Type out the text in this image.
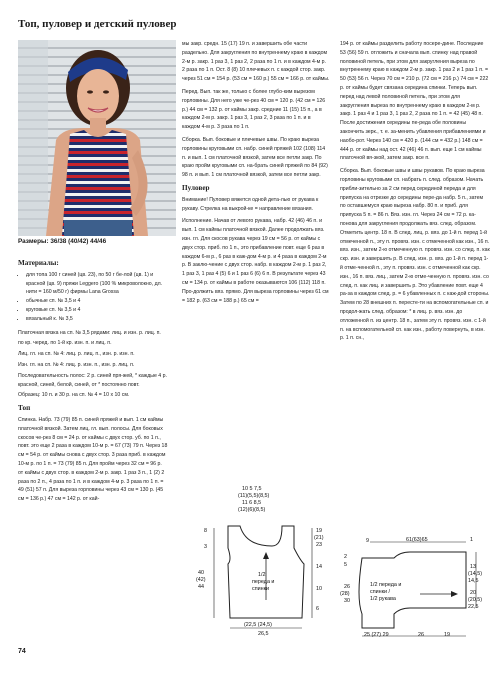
Топ, пуловер и детский пуловер
Размеры: 36/38 (40/42) 44/46

Материалы:

• для топа 100 г синей (цв. 23), по 50 г бе-лой (цв. 1) и красной (цв. 9) пряжи Leggero (100 % микроволокно, дл. нити = 160 м/50 г) фирмы Lana Grossa
• обычные сп. № 3,5 и 4
• круговые сп. № 3,5 и 4
• вязальный к. № 3,5

Платочная вязка на сп. № 3,5 рядами: лиц. и изн. р. лиц. п.

по кр. черед. по 1-й кр. изн. п. и лиц. п.

Лиц. гл. на сп. № 4: лиц. р. лиц. п., изн. р. изн. п.

Изн. гл. на сп. № 4: лиц. р. изн. п., изн. р. лиц. п.

Последовательность полос: 2 р. синей пря-жей, * каждые 4 р. красной, синей, белой, синей, от * постоянно повт.

Образец: 10 п. и 30 р. на сп. № 4 = 10 х 10 см.

Топ

Спинка. Набр. 73 (79) 85 п. синей пряжей и вып. 1 см каймы платочной вязкой. Затем лиц. гл. вып. полосы. Для боковых скосов че-рез 8 см = 24 р. от каймы с двух стор. уб. по 1 п., повт. это еще 2 раза в каждом 10-м р. = 67 (73) 79 п. Через 18 см = 54 р. от каймы снова с двух стор. 3 раза приб. в каждом 10-м р. по 1 п. = 73 (79) 85 п. Для пройм через 32 см = 96 р. от каймы с двух стор. в каждом 2-м р. закр. 1 раз 3 п., 1 (2) 2 раза по 2 п., 4 раза по 1 п. и в каждом 4-м р. 3 раза по 1 п. = 49 (51) 57 п. Для выреза горловины через 43 см = 130 р. (45 см = 136 р.) 47 см = 142 р. от кай-

мы закр. средн. 15 (17) 19 п. и завершить обе части раздельно. Для закругления по внутреннему краю в каждом 2-м р. закр. 1 раз 3, 1 раз 2, 2 раза по 1 п. и в каждом 4-м р. 2 раза по 1 п. Ост. 8 (8) 10 плечевых п. с каждой стор. закр. через 51 см = 154 р. (53 см = 160 р.) 55 см = 166 р. от каймы.

Перед. Вып. так же, только с более глубо-ким вырезом горловины. Для него уже че-рез 40 см = 120 р. (42 см = 126 р.) 44 см = 132 р. от каймы закр. средние 11 (15) 15 п., а в каждом 2-м р. закр. 1 раз 3, 1 раз 2, 3 раза по 1 п. и в каждом 4-м р. 3 раза по 1 п.

Сборка. Вып. боковые и плечевые швы. По краю выреза горловины круговыми сп. набр. синей пряжей 102 (108) 114 п. и вып. 1 см платочной вязкой, затем все петли закр. По краю пройм круговыми сп. на-брать синей пряжей по 84 (92) 98 п. и вып. 1 см платочной вязкой, затем все петли закр.

Пуловер

Внимание! Пуловер вяжется одной дета-лью от рукава к рукаву. Стрелка на выкрой-ке = направление вязания.

Исполнение. Начав от левого рукава, набр. 42 (46) 46 п. и вып. 1 см каймы платочной вязкой. Далее продолжать вяз. изн. гл. Для скосов рукава через 19 см = 56 р. от каймы с двух стор. приб. по 1 п., это прибавление повт. еще 6 раз в каждом 6-м р., 6 раз в каж-дом 4-м р. и 4 раза в каждом 2-м р. В заклю-чение с двух стор. набр. в каждом 2-м р. 1 раз 2, 1 раз 3, 1 раз 4 (5) 6 и 1 раз 6 (6) 6 п. В результате через 43 см = 134 р. от каймы в работе оказываются 106 (112) 118 п. Про-должить вяз. прямо. Для выреза горловины через 61 см = 182 р. (63 см = 188 р.) 65 см =

194 р. от каймы разделить работу посере-дине. Последние 53 (56) 59 п. отложить и сначала вып. спинку над правой половиной петель, при этом для закругления выреза по внутреннему краю в каждом 2-м р. закр. 1 раз 2 и 1 раз 1 п. = 50 (53) 56 п. Через 70 см = 210 р. (72 см = 216 р.) 74 см = 222 р. от каймы будет связана середина спинки. Теперь вып. перед над левой половиной петель, при этом для закругления выреза по внутреннему краю в каждом 2-м р. закр. 1 раз 4 и 1 раз 3, 1 раз 2, 2 раза по 1 п. = 42 (45) 48 п. После достижения середины пе-реда обе половины закончить зерк., т. е. за-менить убавления прибавлениями и наобо-рот. Через 140 см = 420 р. (144 см = 432 р.) 148 см = 444 р. от каймы над ост. 42 (46) 46 п. вып. еще 1 см каймы платочной вя-зкой, затем закр. все п.

Сборка. Вып. боковые швы и швы рукавов. По краю выреза горловины круговыми сп. набрать п. след. образом. Начать прибли-зительно за 2 см перед серединой переда и для припуска на отрезке до середины пере-да набр. 5 п., затем по оставшемуся краю выреза набр. 80 п. и приб. для припуска 5 п. = 86 п. Вяз. изн. гл. Через 24 см = 72 р. ка-понова для закругления продолжать вяз. след. образом. Отметить центр. 18 п. В след. лиц. р. вяз. до 1-й п. перед 1-й отмеченной п., эту п. провяз. изн. с отмеченной как изн., 16 п. вяз. изн., затем 2-ю отмеченную п. провяз. изн. со след. п. как скр. изн. и завершить р. В след. изн. р. вяз. до 1-й п. перед 1-й отме-ченной п., эту п. провяз. изн. с отмеченной как скр. изн., 16 п. вяз. лиц., затем 2-ю отме-ченную п. провяз. изн. со след. п. как лиц. и завершить р. Это убавление повт. еще 4 ра-за в каждом след. р. = 6 убавленных п. с каж-дой стороны. Затем по 28 внешних п. пересте-ти на вспомогательные сп. и продол-жать след. образом: * в лиц. р. вяз. изн. до отложенной п. из центр. 18 п., затем эту п. провяз. изн. с 1-й п. на вспомогательной сп. как изн., работу повернуть, в изн. р. 1 п. сн.,

10 5 7,5
(11)(5,5)(8,5)
11 6 8,5
(12)(6)(8,5)
8
3
40
(42)
44
19
(21)
23
14
10
6
1/2
переда и
спинки
(22,5 (24,5)
26,5
9	61(63)65	1
2
5
26
(28)
30
13
(14,5)
14,5
20
(20,5)
22,5
1/2 переда и
спинки /
1/2 рукава
25 (27) 29	26	19
74
